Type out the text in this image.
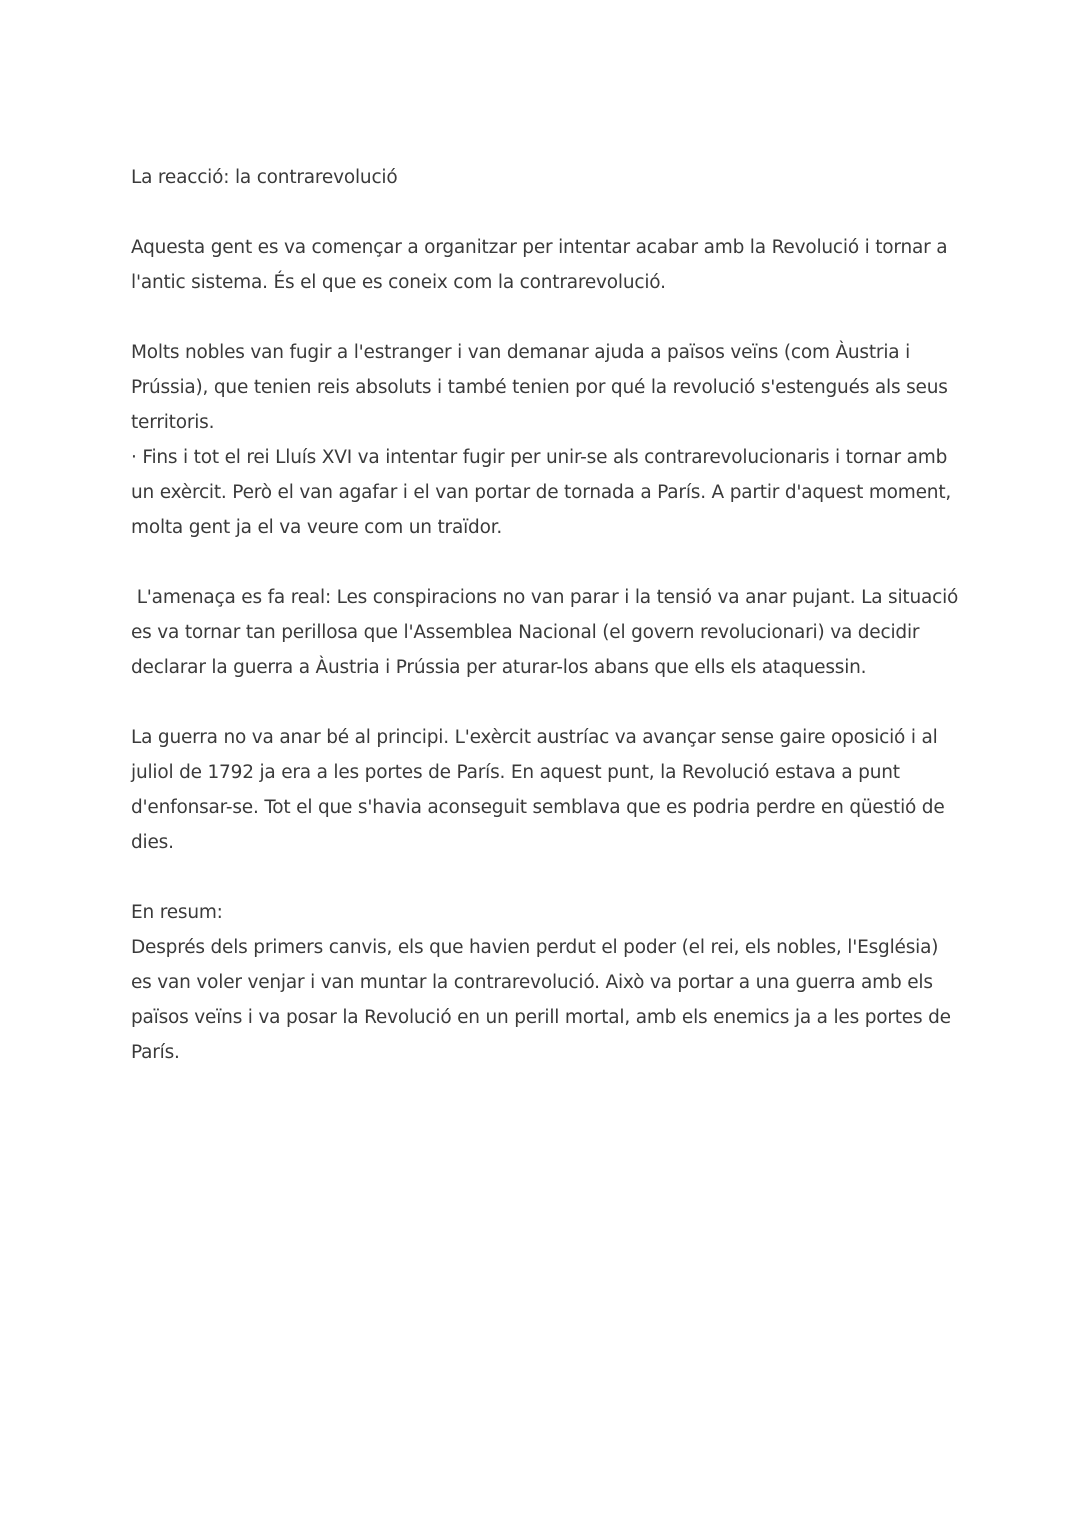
La reacció: la contrarevolució

Aquesta gent es va començar a organitzar per intentar acabar amb la Revolució i tornar a l'antic sistema. És el que es coneix com la contrarevolució.

Molts nobles van fugir a l'estranger i van demanar ajuda a països veïns (com Àustria i Prússia), que tenien reis absoluts i també tenien por qué la revolució s'estengués als seus territoris.

· Fins i tot el rei Lluís XVI va intentar fugir per unir-se als contrarevolucionaris i tornar amb un exèrcit. Però el van agafar i el van portar de tornada a París. A partir d'aquest moment, molta gent ja el va veure com un traïdor.

L'amenaça es fa real: Les conspiracions no van parar i la tensió va anar pujant. La situació es va tornar tan perillosa que l'Assemblea Nacional (el govern revolucionari) va decidir declarar la guerra a Àustria i Prússia per aturar-los abans que ells els ataquessin.

La guerra no va anar bé al principi. L'exèrcit austríac va avançar sense gaire oposició i al juliol de 1792 ja era a les portes de París. En aquest punt, la Revolució estava a punt d'enfonsar-se. Tot el que s'havia aconseguit semblava que es podria perdre en qüestió de dies.

En resum:

Després dels primers canvis, els que havien perdut el poder (el rei, els nobles, l'Església) es van voler venjar i van muntar la contrarevolució. Això va portar a una guerra amb els països veïns i va posar la Revolució en un perill mortal, amb els enemics ja a les portes de París.
